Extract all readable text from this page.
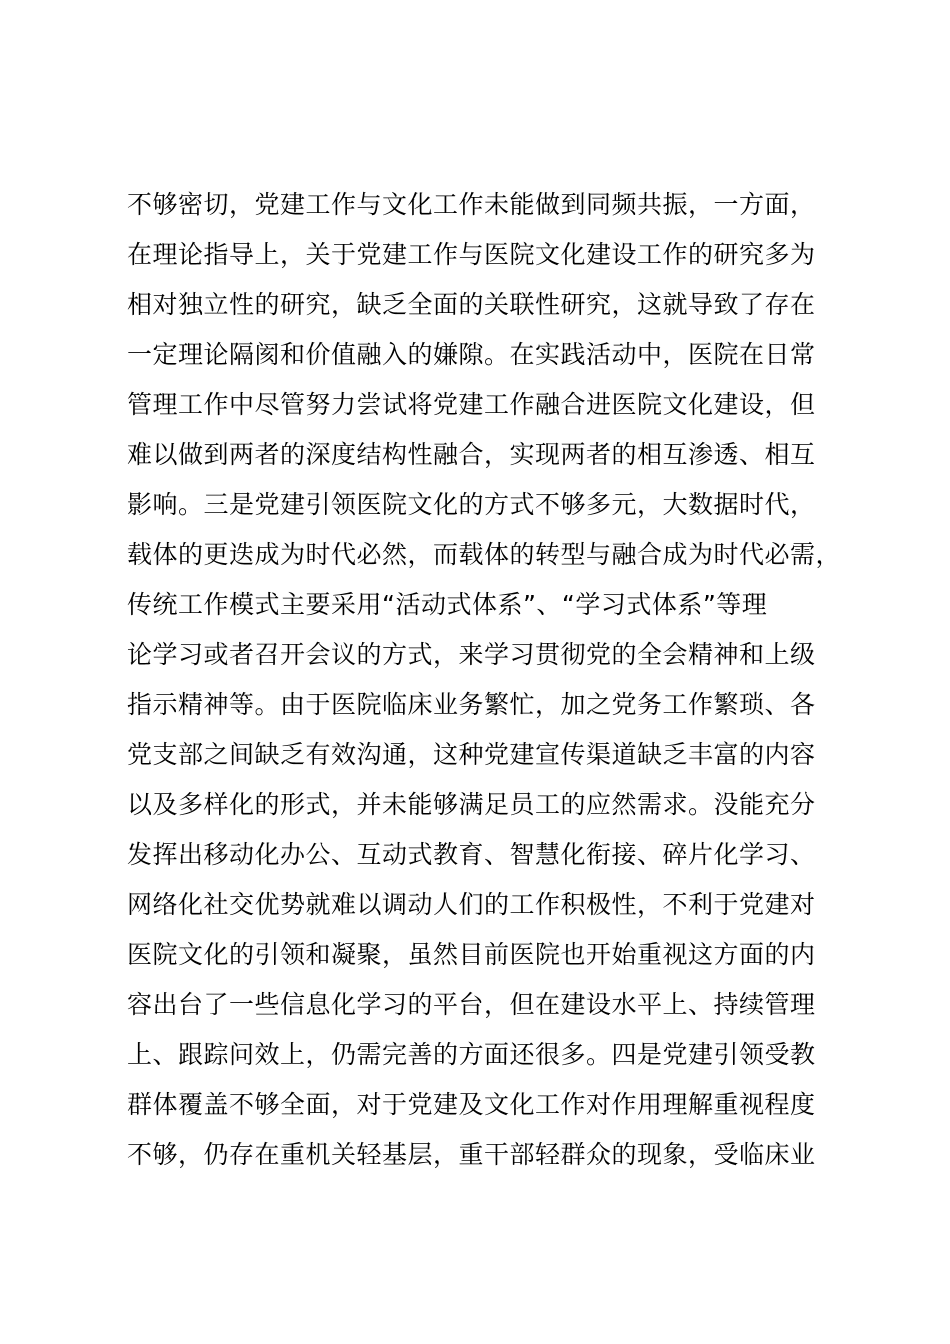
不够密切，党建工作与文化工作未能做到同频共振，一方面，
在理论指导上，关于党建工作与医院文化建设工作的研究多为
相对独立性的研究，缺乏全面的关联性研究，这就导致了存在
一定理论隔阂和价值融入的嫌隙。在实践活动中，医院在日常
管理工作中尽管努力尝试将党建工作融合进医院文化建设，但
难以做到两者的深度结构性融合，实现两者的相互渗透、相互
影响。三是党建引领医院文化的方式不够多元，大数据时代，
载体的更迭成为时代必然，而载体的转型与融合成为时代必需，
传统工作模式主要采用“活动式体系”、“学习式体系”等理
论学习或者召开会议的方式，来学习贯彻党的全会精神和上级
指示精神等。由于医院临床业务繁忙，加之党务工作繁琐、各
党支部之间缺乏有效沟通，这种党建宣传渠道缺乏丰富的内容
以及多样化的形式，并未能够满足员工的应然需求。没能充分
发挥出移动化办公、互动式教育、智慧化衔接、碎片化学习、
网络化社交优势就难以调动人们的工作积极性，不利于党建对
医院文化的引领和凝聚，虽然目前医院也开始重视这方面的内
容出台了一些信息化学习的平台，但在建设水平上、持续管理
上、跟踪问效上，仍需完善的方面还很多。四是党建引领受教
群体覆盖不够全面，对于党建及文化工作对作用理解重视程度
不够，仍存在重机关轻基层，重干部轻群众的现象，受临床业
